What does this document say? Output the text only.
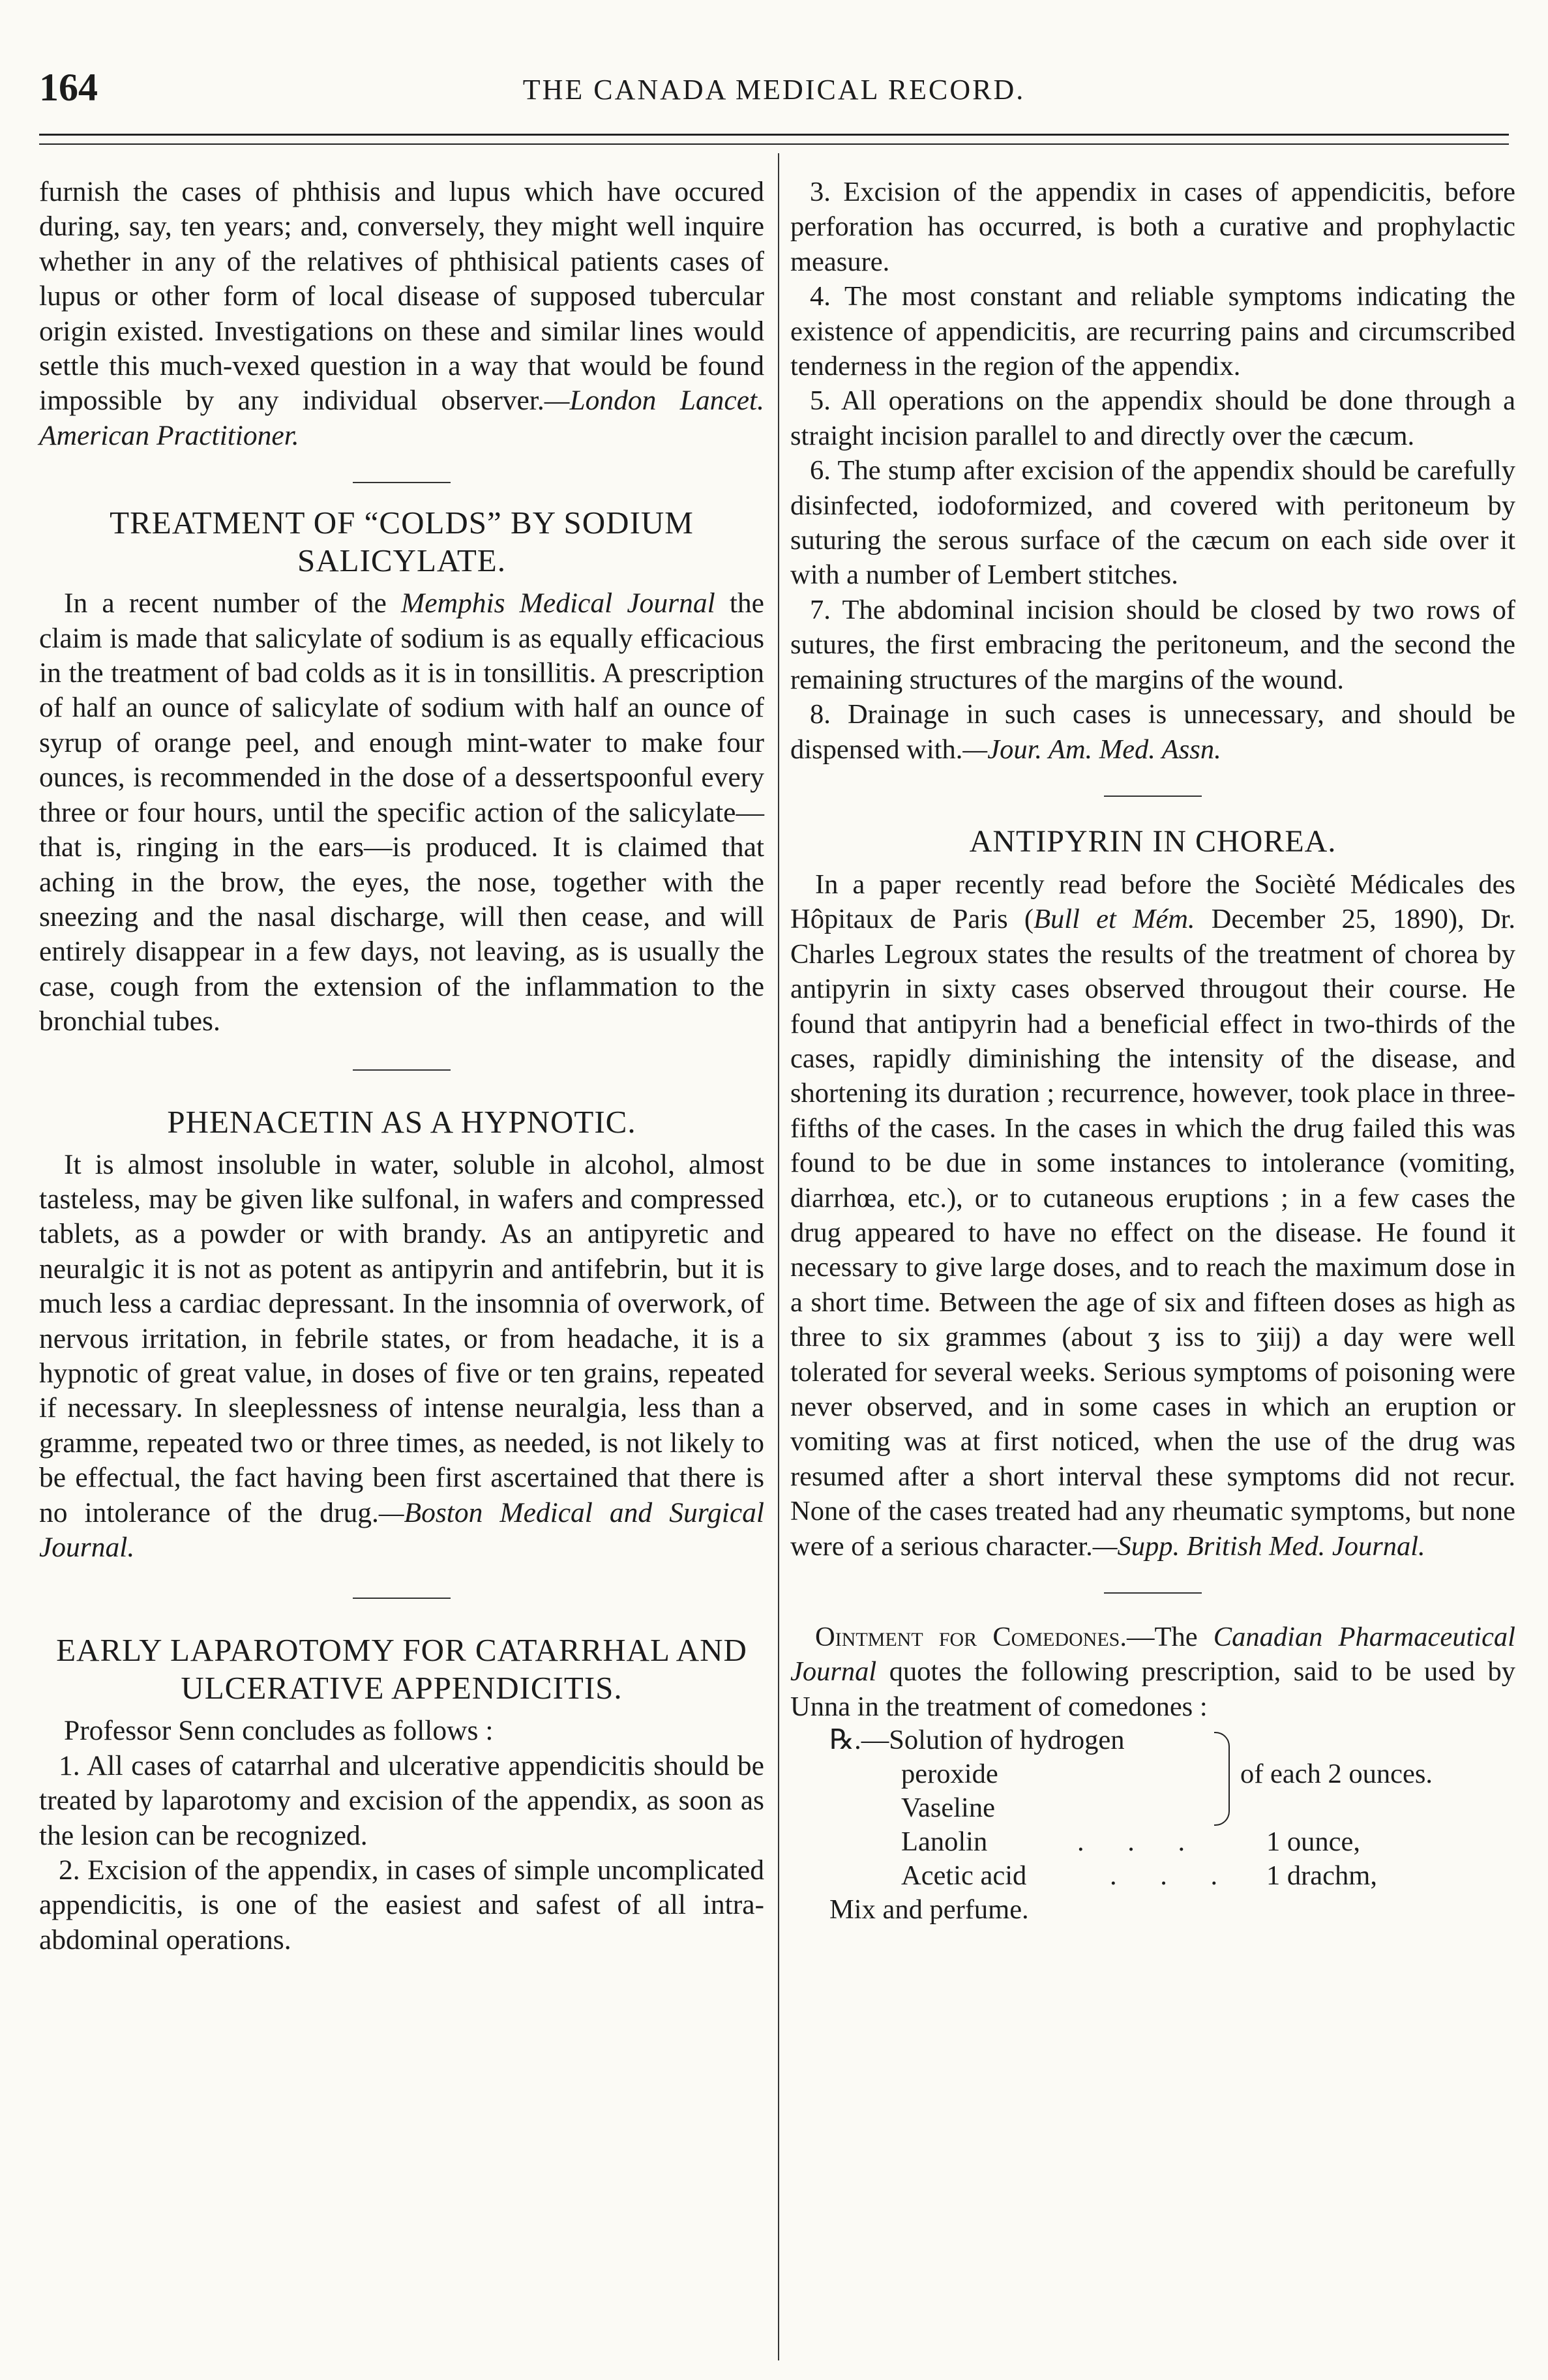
164	THE CANADA MEDICAL RECORD.

furnish the cases of phthisis and lupus which have occured during, say, ten years; and, conversely, they might well inquire whether in any of the relatives of phthisical patients cases of lupus or other form of local disease of supposed tubercular origin existed. Investigations on these and similar lines would settle this much-vexed question in a way that would be found impossible by any individual observer.—London Lancet. American Practitioner.

TREATMENT OF “COLDS” BY SODIUM SALICYLATE.

In a recent number of the Memphis Medical Journal the claim is made that salicylate of sodium is as equally efficacious in the treatment of bad colds as it is in tonsillitis. A prescription of half an ounce of salicylate of sodium with half an ounce of syrup of orange peel, and enough mint-water to make four ounces, is recommended in the dose of a dessertspoonful every three or four hours, until the specific action of the salicylate—that is, ringing in the ears—is produced. It is claimed that aching in the brow, the eyes, the nose, together with the sneezing and the nasal discharge, will then cease, and will entirely disappear in a few days, not leaving, as is usually the case, cough from the extension of the inflammation to the bronchial tubes.

PHENACETIN AS A HYPNOTIC.

It is almost insoluble in water, soluble in alcohol, almost tasteless, may be given like sulfonal, in wafers and compressed tablets, as a powder or with brandy. As an antipyretic and neuralgic it is not as potent as antipyrin and antifebrin, but it is much less a cardiac depressant. In the insomnia of overwork, of nervous irritation, in febrile states, or from headache, it is a hypnotic of great value, in doses of five or ten grains, repeated if necessary. In sleeplessness of intense neuralgia, less than a gramme, repeated two or three times, as needed, is not likely to be effectual, the fact having been first ascertained that there is no intolerance of the drug.—Boston Medical and Surgical Journal.

EARLY LAPAROTOMY FOR CATARRHAL AND ULCERATIVE APPENDICITIS.

Professor Senn concludes as follows :

1. All cases of catarrhal and ulcerative appendicitis should be treated by laparotomy and excision of the appendix, as soon as the lesion can be recognized.

2. Excision of the appendix, in cases of simple uncomplicated appendicitis, is one of the easiest and safest of all intra-abdominal operations.

3. Excision of the appendix in cases of appendicitis, before perforation has occurred, is both a curative and prophylactic measure.

4. The most constant and reliable symptoms indicating the existence of appendicitis, are recurring pains and circumscribed tenderness in the region of the appendix.

5. All operations on the appendix should be done through a straight incision parallel to and directly over the cæcum.

6. The stump after excision of the appendix should be carefully disinfected, iodoformized, and covered with peritoneum by suturing the serous surface of the cæcum on each side over it with a number of Lembert stitches.

7. The abdominal incision should be closed by two rows of sutures, the first embracing the peritoneum, and the second the remaining structures of the margins of the wound.

8. Drainage in such cases is unnecessary, and should be dispensed with.—Jour. Am. Med. Assn.

ANTIPYRIN IN CHOREA.

In a paper recently read before the Socièté Médicales des Hôpitaux de Paris (Bull et Mém. December 25, 1890), Dr. Charles Legroux states the results of the treatment of chorea by antipyrin in sixty cases observed througout their course. He found that antipyrin had a beneficial effect in two-thirds of the cases, rapidly diminishing the intensity of the disease, and shortening its duration ; recurrence, however, took place in three-fifths of the cases. In the cases in which the drug failed this was found to be due in some instances to intolerance (vomiting, diarrhœa, etc.), or to cutaneous eruptions ; in a few cases the drug appeared to have no effect on the disease. He found it necessary to give large doses, and to reach the maximum dose in a short time. Between the age of six and fifteen doses as high as three to six grammes (about ʒ iss to ʒiij) a day were well tolerated for several weeks. Serious symptoms of poisoning were never observed, and in some cases in which an eruption or vomiting was at first noticed, when the use of the drug was resumed after a short interval these symptoms did not recur. None of the cases treated had any rheumatic symptoms, but none were of a serious character.—Supp. British Med. Journal.

Ointment for Comedones.—The Canadian Pharmaceutical Journal quotes the following prescription, said to be used by Unna in the treatment of comedones :

℞.—Solution of hydrogen
peroxide
Vaseline
of each 2 ounces.
Lanolin	. . . 1 ounce,
Acetic acid	. . . 1 drachm,
Mix and perfume.
